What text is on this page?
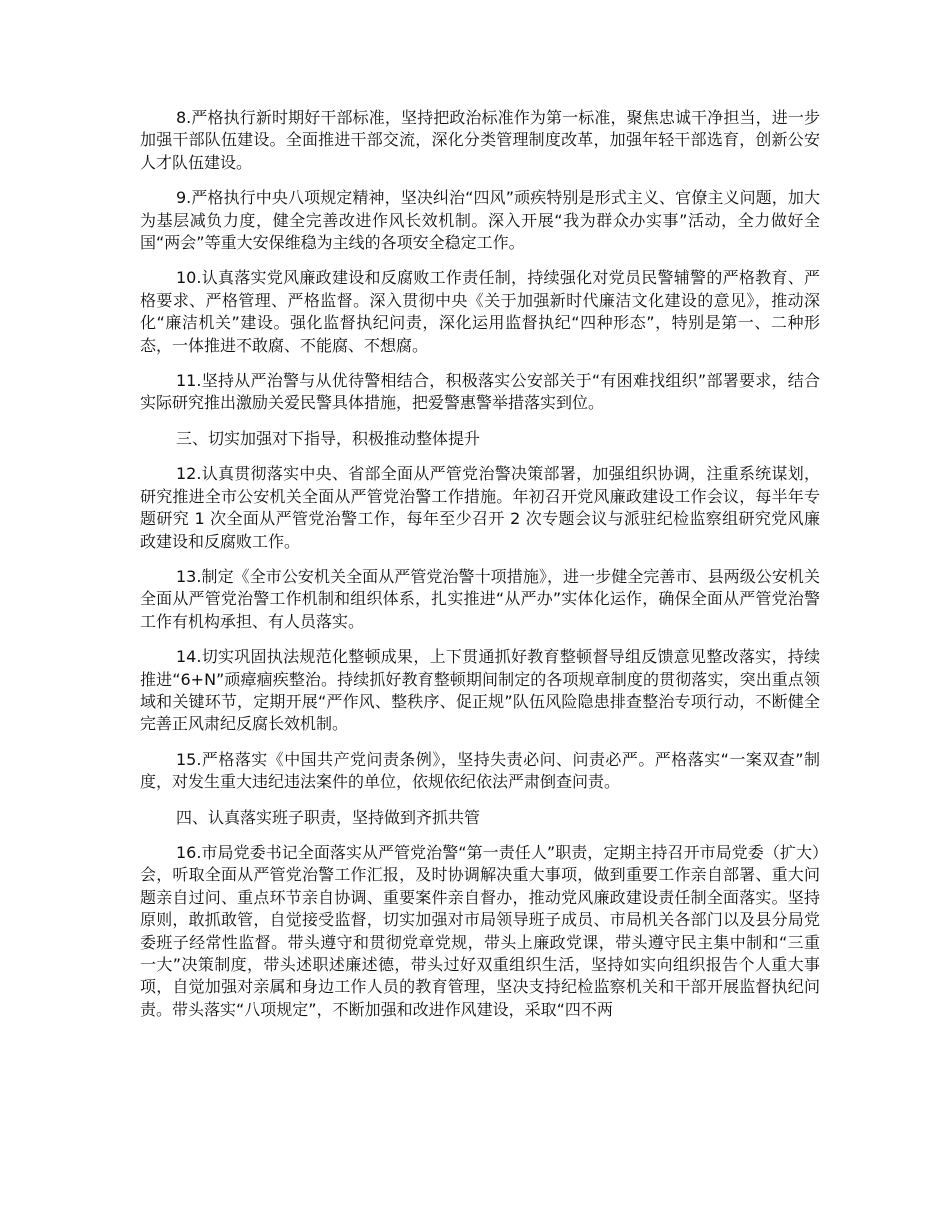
8.严格执行新时期好干部标准，坚持把政治标准作为第一标准，聚焦忠诚干净担当，进一步加强干部队伍建设。全面推进干部交流，深化分类管理制度改革，加强年轻干部选育，创新公安人才队伍建设。

9.严格执行中央八项规定精神，坚决纠治“四风”顽疾特别是形式主义、官僚主义问题，加大为基层减负力度，健全完善改进作风长效机制。深入开展“我为群众办实事”活动，全力做好全国“两会”等重大安保维稳为主线的各项安全稳定工作。

10.认真落实党风廉政建设和反腐败工作责任制，持续强化对党员民警辅警的严格教育、严格要求、严格管理、严格监督。深入贯彻中央《关于加强新时代廉洁文化建设的意见》，推动深化“廉洁机关”建设。强化监督执纪问责，深化运用监督执纪“四种形态”，特别是第一、二种形态，一体推进不敢腐、不能腐、不想腐。

11.坚持从严治警与从优待警相结合，积极落实公安部关于“有困难找组织”部署要求，结合实际研究推出激励关爱民警具体措施，把爱警惠警举措落实到位。

三、切实加强对下指导，积极推动整体提升

12.认真贯彻落实中央、省部全面从严管党治警决策部署，加强组织协调，注重系统谋划，研究推进全市公安机关全面从严管党治警工作措施。年初召开党风廉政建设工作会议，每半年专题研究 1 次全面从严管党治警工作，每年至少召开 2 次专题会议与派驻纪检监察组研究党风廉政建设和反腐败工作。

13.制定《全市公安机关全面从严管党治警十项措施》，进一步健全完善市、县两级公安机关全面从严管党治警工作机制和组织体系，扎实推进“从严办”实体化运作，确保全面从严管党治警工作有机构承担、有人员落实。

14.切实巩固执法规范化整顿成果，上下贯通抓好教育整顿督导组反馈意见整改落实，持续推进“6+N”顽瘴痼疾整治。持续抓好教育整顿期间制定的各项规章制度的贯彻落实，突出重点领域和关键环节，定期开展“严作风、整秩序、促正规”队伍风险隐患排查整治专项行动，不断健全完善正风肃纪反腐长效机制。

15.严格落实《中国共产党问责条例》，坚持失责必问、问责必严。严格落实“一案双查”制度，对发生重大违纪违法案件的单位，依规依纪依法严肃倒查问责。

四、认真落实班子职责，坚持做到齐抓共管

16.市局党委书记全面落实从严管党治警“第一责任人”职责，定期主持召开市局党委（扩大）会，听取全面从严管党治警工作汇报，及时协调解决重大事项，做到重要工作亲自部署、重大问题亲自过问、重点环节亲自协调、重要案件亲自督办，推动党风廉政建设责任制全面落实。坚持原则，敢抓敢管，自觉接受监督，切实加强对市局领导班子成员、市局机关各部门以及县分局党委班子经常性监督。带头遵守和贯彻党章党规，带头上廉政党课，带头遵守民主集中制和“三重一大”决策制度，带头述职述廉述德，带头过好双重组织生活，坚持如实向组织报告个人重大事项，自觉加强对亲属和身边工作人员的教育管理，坚决支持纪检监察机关和干部开展监督执纪问责。带头落实“八项规定”，不断加强和改进作风建设，采取“四不两
